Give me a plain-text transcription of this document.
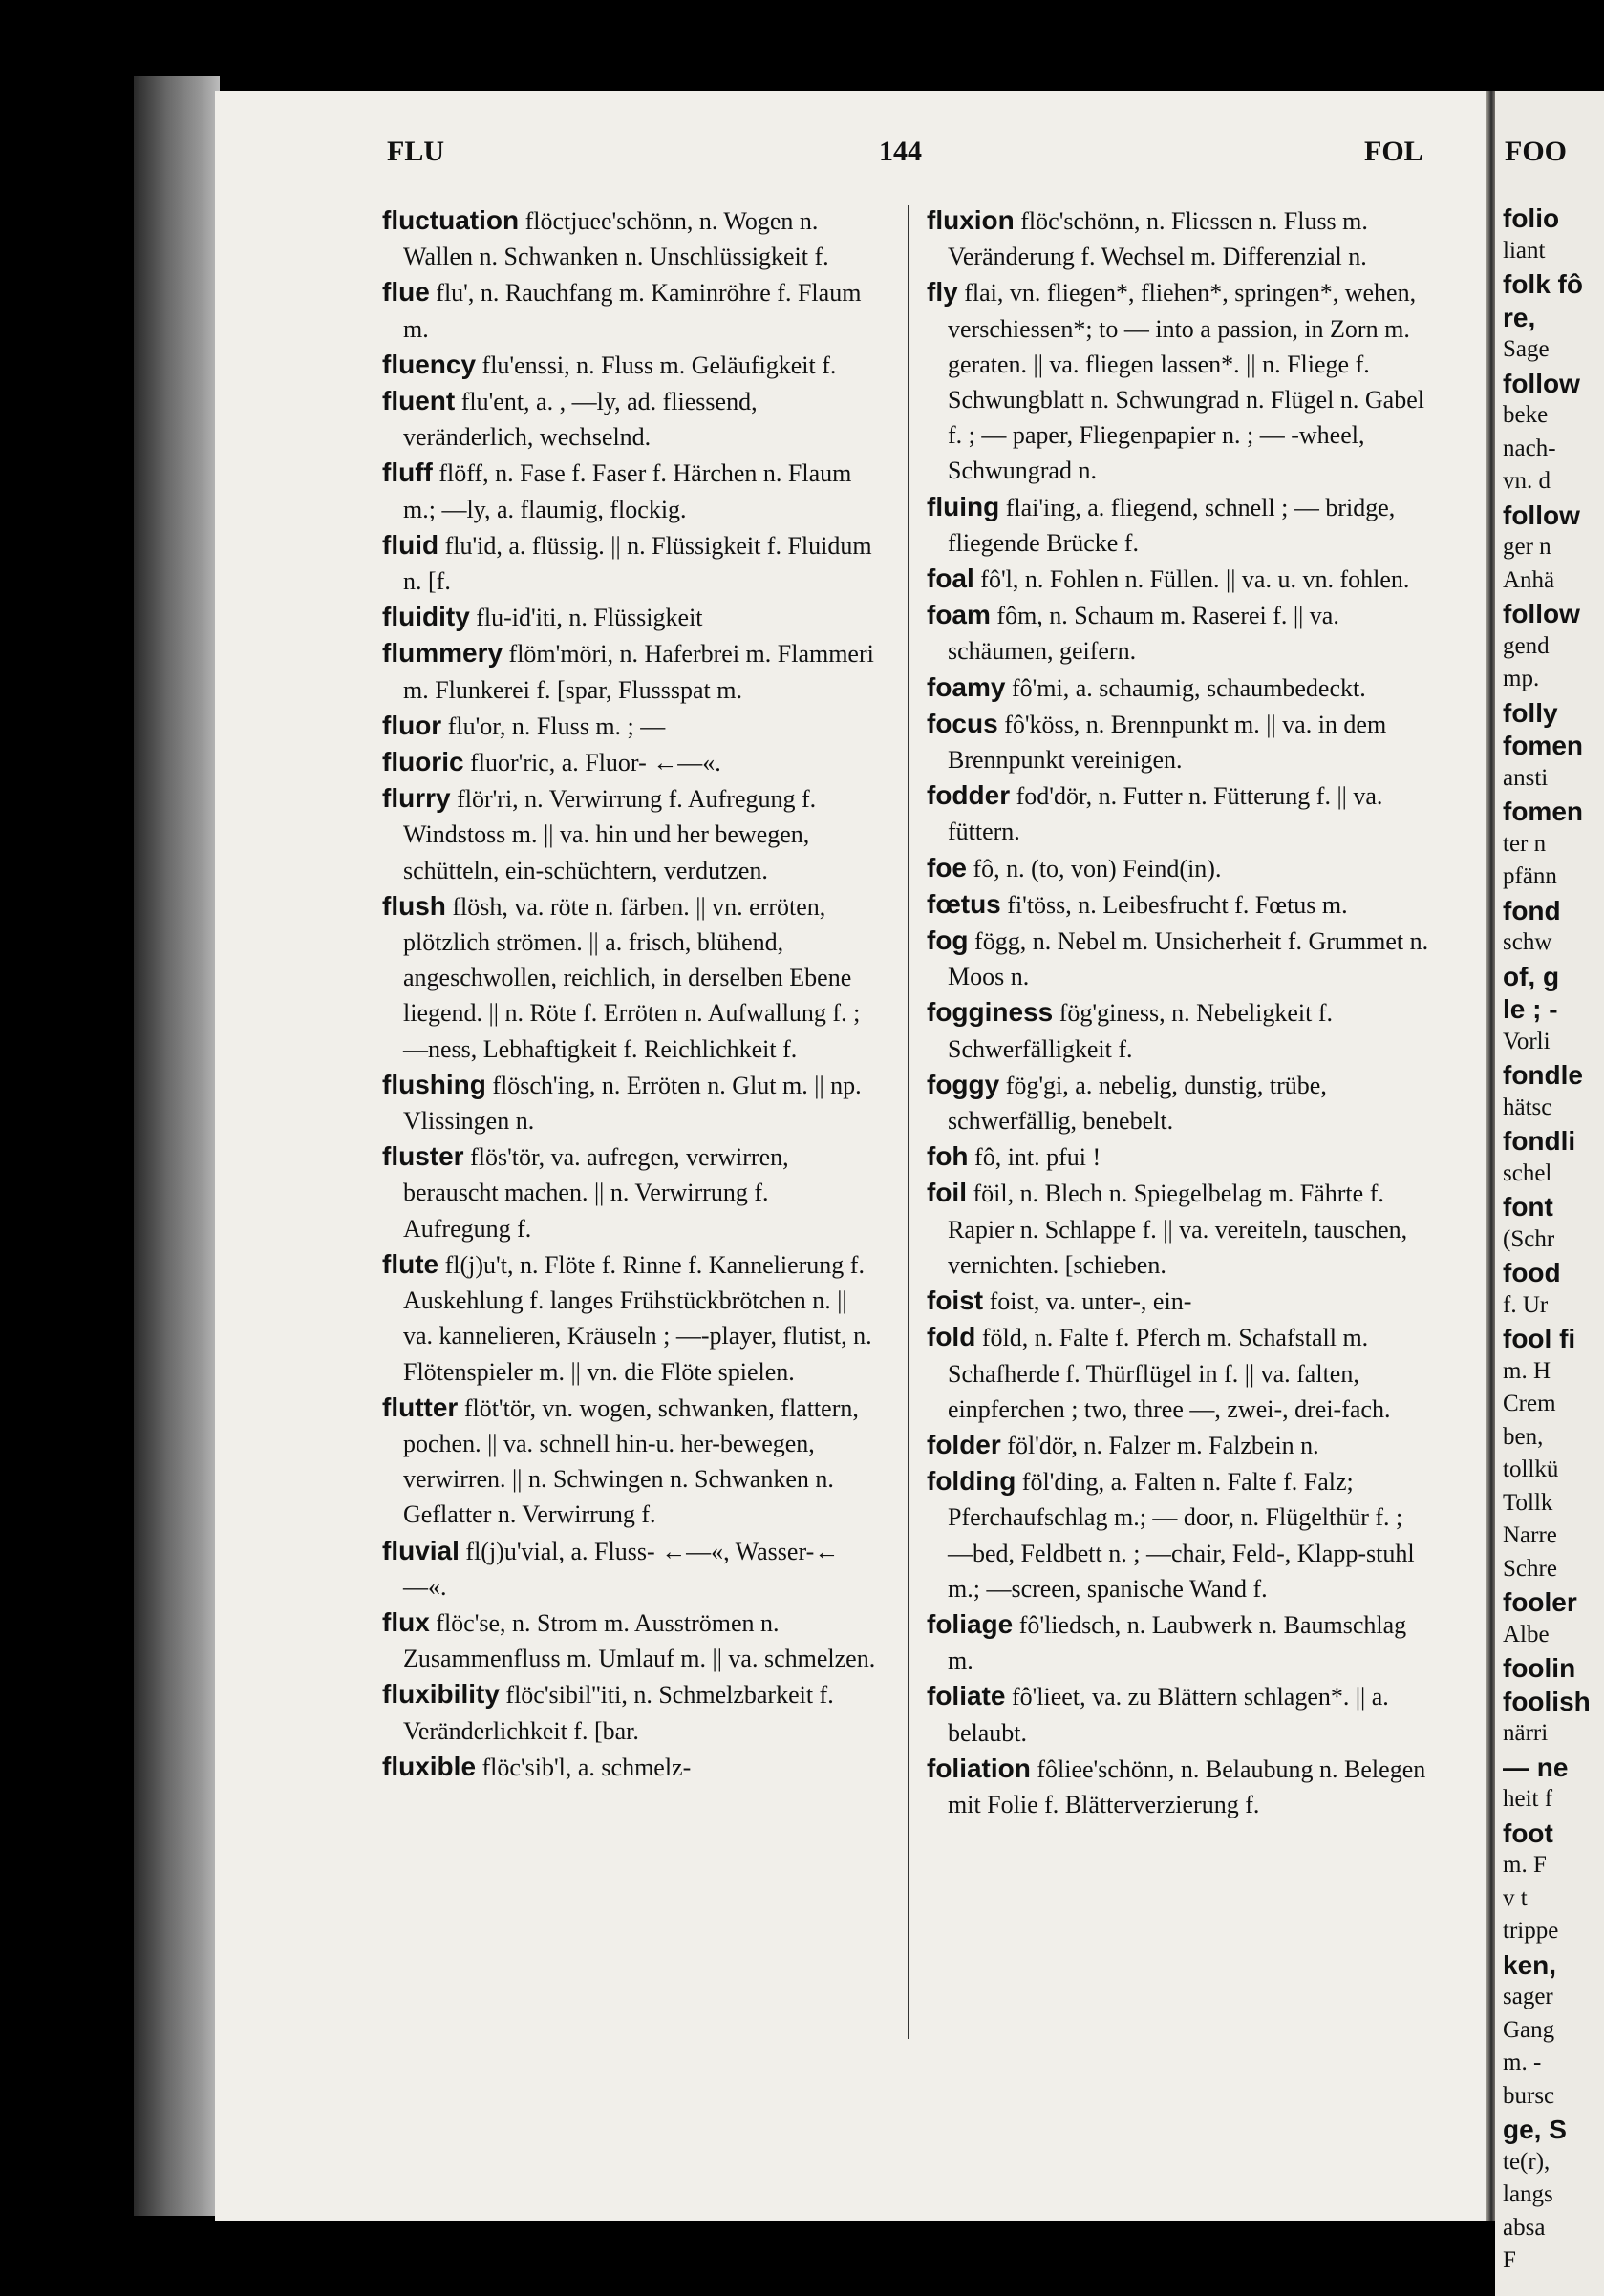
folio
liant
folk fô
re,
Sage
follow
beke
nach-
vn. d
follow
ger n
Anhä
follow
gend
mp.
folly
fomen
ansti
fomen
ter n
pfänn
fond
schw
of, g
le ; -
Vorli
fondle
hätsc
fondli
schel
font
(Schr
food
f. Ur
fool fi
m. H
Crem
ben,
tollkü
Tollk
Narre
Schre
fooler
Albe
foolin
foolish
närri
— ne
heit f
foot
m. F
v t
trippe
ken,
sager
Gang
m. -
bursc
ge, S
te(r),
langs
absa
F
FLU	144	FOL	FOO

fluctuation flöctjuee'schönn, n. Wogen n. Wallen n. Schwanken n. Unschlüssigkeit f.

flue flu', n. Rauchfang m. Kaminröhre f. Flaum m.

fluency flu'enssi, n. Fluss m. Geläufigkeit f.

fluent flu'ent, a. , —ly, ad. fliessend, veränderlich, wechselnd.

fluff flöff, n. Fase f. Faser f. Härchen n. Flaum m.; —ly, a. flaumig, flockig.

fluid flu'id, a. flüssig. || n. Flüssigkeit f. Fluidum n. [f.

fluidity flu-id'iti, n. Flüssigkeit

flummery flöm'möri, n. Haferbrei m. Flammeri m. Flunkerei f. [spar, Flussspat m.

fluor flu'or, n. Fluss m. ; —

fluoric fluor'ric, a. Fluor- ←—«.

flurry flör'ri, n. Verwirrung f. Aufregung f. Windstoss m. || va. hin und her bewegen, schütteln, ein-schüchtern, verdutzen.

flush flösh, va. röte n. färben. || vn. erröten, plötzlich strömen. || a. frisch, blühend, angeschwollen, reichlich, in derselben Ebene liegend. || n. Röte f. Erröten n. Aufwallung f. ; —ness, Lebhaftigkeit f. Reichlichkeit f.

flushing flösch'ing, n. Erröten n. Glut m. || np. Vlissingen n.

fluster flös'tör, va. aufregen, verwirren, berauscht machen. || n. Verwirrung f. Aufregung f.

flute fl(j)u't, n. Flöte f. Rinne f. Kannelierung f. Auskehlung f. langes Frühstückbrötchen n. || va. kannelieren, Kräuseln ; —-player, flutist, n. Flötenspieler m. || vn. die Flöte spielen.

flutter flöt'tör, vn. wogen, schwanken, flattern, pochen. || va. schnell hin-u. her-bewegen, verwirren. || n. Schwingen n. Schwanken n. Geflatter n. Verwirrung f.

fluvial fl(j)u'vial, a. Fluss- ←—«, Wasser-←—«.

flux flöc'se, n. Strom m. Ausströmen n. Zusammenfluss m. Umlauf m. || va. schmelzen.

fluxibility flöc'sibil''iti, n. Schmelzbarkeit f. Veränderlichkeit f. [bar.

fluxible flöc'sib'l, a. schmelz-

fluxion flöc'schönn, n. Fliessen n. Fluss m. Veränderung f. Wechsel m. Differenzial n.

fly flai, vn. fliegen*, fliehen*, springen*, wehen, verschiessen*; to — into a passion, in Zorn m. geraten. || va. fliegen lassen*. || n. Fliege f. Schwungblatt n. Schwungrad n. Flügel n. Gabel f. ; — paper, Fliegenpapier n. ; — -wheel, Schwungrad n.

fluing flai'ing, a. fliegend, schnell ; — bridge, fliegende Brücke f.

foal fô'l, n. Fohlen n. Füllen. || va. u. vn. fohlen.

foam fôm, n. Schaum m. Raserei f. || va. schäumen, geifern.

foamy fô'mi, a. schaumig, schaumbedeckt.

focus fô'köss, n. Brennpunkt m. || va. in dem Brennpunkt vereinigen.

fodder fod'dör, n. Futter n. Fütterung f. || va. füttern.

foe fô, n. (to, von) Feind(in).

fœtus fi'töss, n. Leibesfrucht f. Fœtus m.

fog fögg, n. Nebel m. Unsicherheit f. Grummet n. Moos n.

fogginess fög'giness, n. Nebeligkeit f. Schwerfälligkeit f.

foggy fög'gi, a. nebelig, dunstig, trübe, schwerfällig, benebelt.

foh fô, int. pfui !

foil föil, n. Blech n. Spiegelbelag m. Fährte f. Rapier n. Schlappe f. || va. vereiteln, tauschen, vernichten. [schieben.

foist foist, va. unter-, ein-

fold föld, n. Falte f. Pferch m. Schafstall m. Schafherde f. Thürflügel in f. || va. falten, einpferchen ; two, three —, zwei-, drei-fach.

folder föl'dör, n. Falzer m. Falzbein n.

folding föl'ding, a. Falten n. Falte f. Falz; Pferchaufschlag m.; — door, n. Flügelthür f. ; —bed, Feldbett n. ; —chair, Feld-, Klapp-stuhl m.; —screen, spanische Wand f.

foliage fô'liedsch, n. Laubwerk n. Baumschlag m.

foliate fô'lieet, va. zu Blättern schlagen*. || a. belaubt.

foliation fôliee'schönn, n. Belaubung n. Belegen mit Folie f. Blätterverzierung f.
